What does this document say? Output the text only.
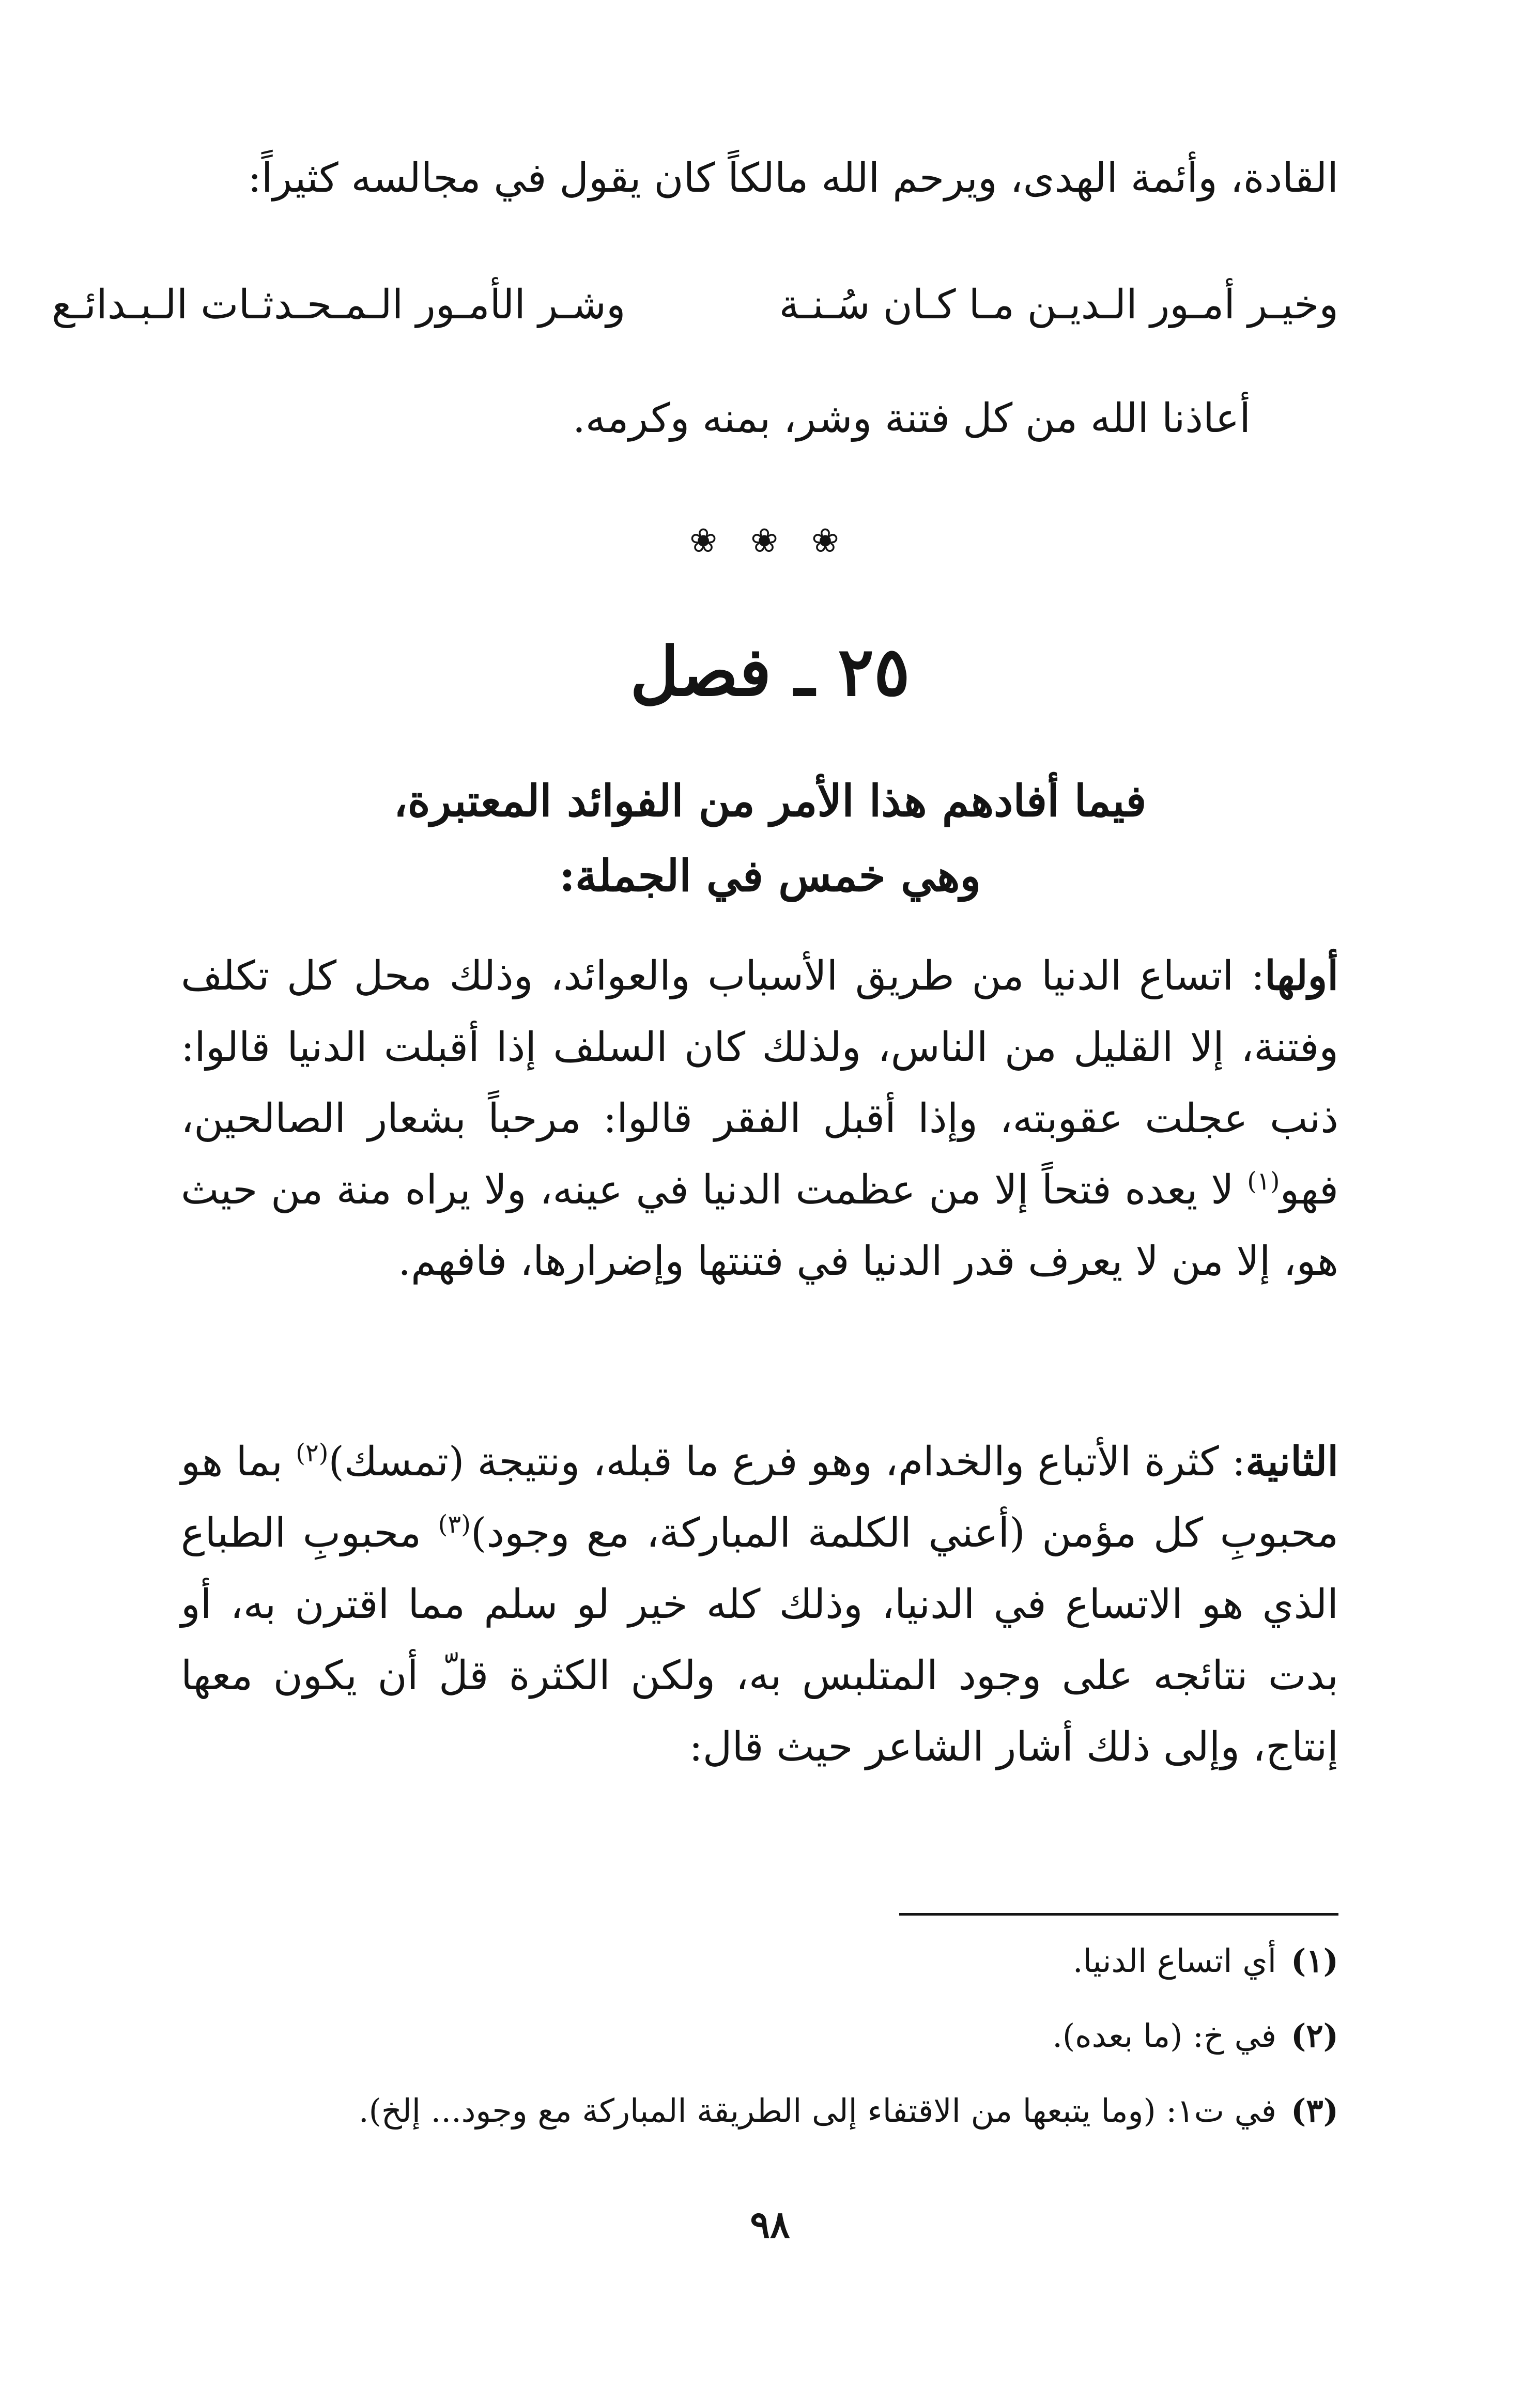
القادة، وأئمة الهدى، ويرحم الله مالكاً كان يقول في مجالسه كثيراً:
وخيـر أمـور الـديـن مـا كـان سُـنـة
وشـر الأمـور الـمـحـدثـات الـبـدائـع
أعاذنا الله من كل فتنة وشر، بمنه وكرمه.
❀ ❀ ❀
٢٥ ـ فصل
فيما أفادهم هذا الأمر من الفوائد المعتبرة،
وهي خمس في الجملة:
أولها: اتساع الدنيا من طريق الأسباب والعوائد، وذلك محل كل تكلف وفتنة، إلا القليل من الناس، ولذلك كان السلف إذا أقبلت الدنيا قالوا: ذنب عجلت عقوبته، وإذا أقبل الفقر قالوا: مرحباً بشعار الصالحين، فهو$^{(١)}$ لا يعده فتحاً إلا من عظمت الدنيا في عينه، ولا يراه منة من حيث هو، إلا من لا يعرف قدر الدنيا في فتنتها وإضرارها، فافهم.
الثانية: كثرة الأتباع والخدام، وهو فرع ما قبله، ونتيجة (تمسك)$^{(٢)}$ بما هو محبوبِ كل مؤمن (أعني الكلمة المباركة، مع وجود)$^{(٣)}$ محبوبِ الطباع الذي هو الاتساع في الدنيا، وذلك كله خير لو سلم مما اقترن به، أو بدت نتائجه على وجود المتلبس به، ولكن الكثرة قلّ أن يكون معها إنتاج، وإلى ذلك أشار الشاعر حيث قال:
(١)أي اتساع الدنيا.
(٢)في خ: (ما بعده).
(٣)في ت١: (وما يتبعها من الاقتفاء إلى الطريقة المباركة مع وجود... إلخ).
٩٨
